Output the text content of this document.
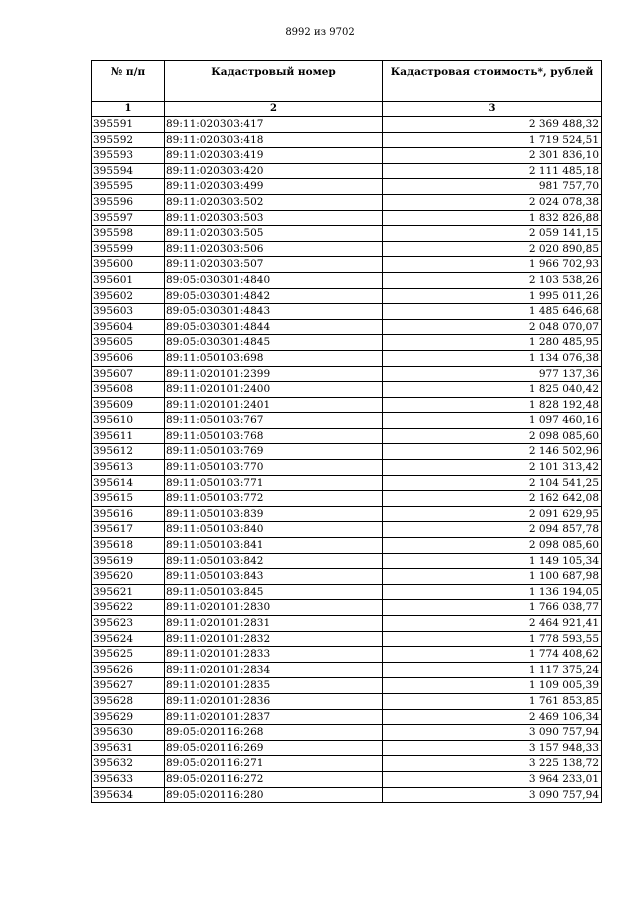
8992 из 9702
№ п/п	Кадастровый номер	Кадастровая стоимость*, рублей
1	2	3
395591	89:11:020303:417	2 369 488,32
395592	89:11:020303:418	1 719 524,51
395593	89:11:020303:419	2 301 836,10
395594	89:11:020303:420	2 111 485,18
395595	89:11:020303:499	981 757,70
395596	89:11:020303:502	2 024 078,38
395597	89:11:020303:503	1 832 826,88
395598	89:11:020303:505	2 059 141,15
395599	89:11:020303:506	2 020 890,85
395600	89:11:020303:507	1 966 702,93
395601	89:05:030301:4840	2 103 538,26
395602	89:05:030301:4842	1 995 011,26
395603	89:05:030301:4843	1 485 646,68
395604	89:05:030301:4844	2 048 070,07
395605	89:05:030301:4845	1 280 485,95
395606	89:11:050103:698	1 134 076,38
395607	89:11:020101:2399	977 137,36
395608	89:11:020101:2400	1 825 040,42
395609	89:11:020101:2401	1 828 192,48
395610	89:11:050103:767	1 097 460,16
395611	89:11:050103:768	2 098 085,60
395612	89:11:050103:769	2 146 502,96
395613	89:11:050103:770	2 101 313,42
395614	89:11:050103:771	2 104 541,25
395615	89:11:050103:772	2 162 642,08
395616	89:11:050103:839	2 091 629,95
395617	89:11:050103:840	2 094 857,78
395618	89:11:050103:841	2 098 085,60
395619	89:11:050103:842	1 149 105,34
395620	89:11:050103:843	1 100 687,98
395621	89:11:050103:845	1 136 194,05
395622	89:11:020101:2830	1 766 038,77
395623	89:11:020101:2831	2 464 921,41
395624	89:11:020101:2832	1 778 593,55
395625	89:11:020101:2833	1 774 408,62
395626	89:11:020101:2834	1 117 375,24
395627	89:11:020101:2835	1 109 005,39
395628	89:11:020101:2836	1 761 853,85
395629	89:11:020101:2837	2 469 106,34
395630	89:05:020116:268	3 090 757,94
395631	89:05:020116:269	3 157 948,33
395632	89:05:020116:271	3 225 138,72
395633	89:05:020116:272	3 964 233,01
395634	89:05:020116:280	3 090 757,94
